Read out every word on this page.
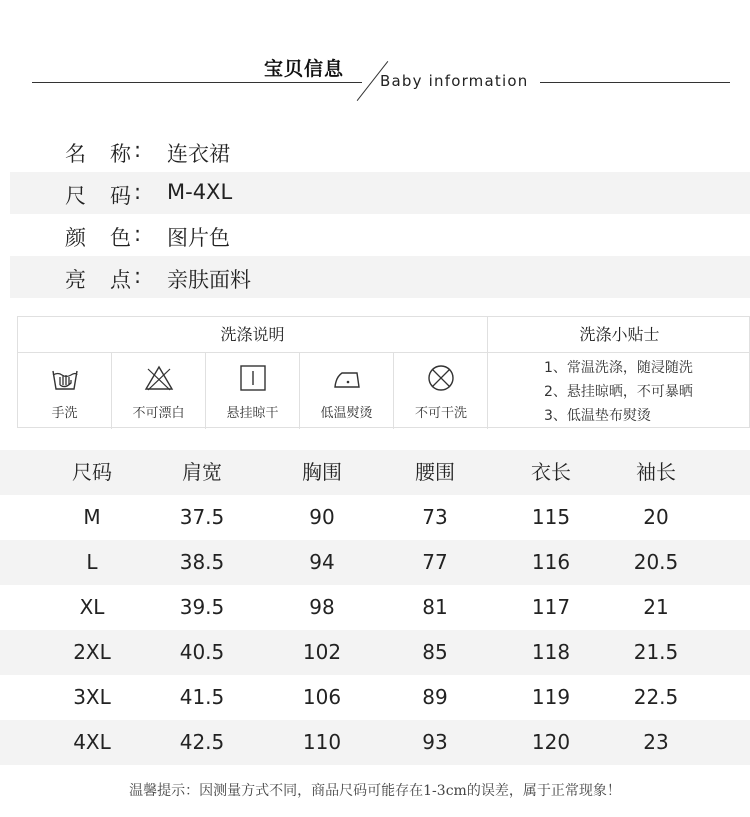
宝贝信息
Baby information
名 称 : 连衣裙
尺 码 : M-4XL
颜 色 : 图片色
亮 点 : 亲肤面料
洗涤说明	洗涤小贴士
手洗	不可漂白	悬挂晾干	低温熨烫	不可干洗
1、常温洗涤，随浸随洗
2、悬挂晾晒，不可暴晒
3、低温垫布熨烫
尺码	肩宽	胸围	腰围	衣长	袖长
M	37.5	90	73	115	20
L	38.5	94	77	116	20.5
XL	39.5	98	81	117	21
2XL	40.5	102	85	118	21.5
3XL	41.5	106	89	119	22.5
4XL	42.5	110	93	120	23
温馨提示：因测量方式不同，商品尺码可能存在1-3cm的误差，属于正常现象！
